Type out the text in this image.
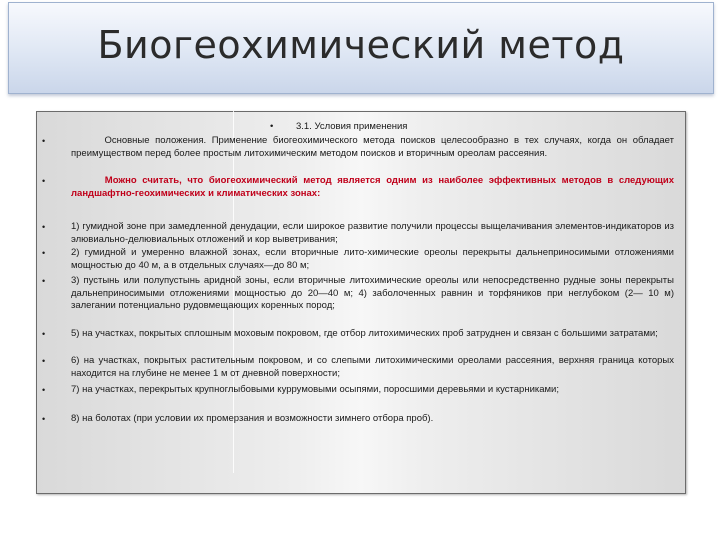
Биогеохимический метод
• 3.1. Условия применения
•	Основные положения. Применение биогеохимического метода поисков целесообразно в тех случаях, когда он обладает преимуществом перед более простым литохимическим методом поисков и вторичным ореолам рассеяния.
•	Можно считать, что биогеохимический метод является одним из наиболее эффективных методов в следующих ландшафтно-геохимических и климатических зонах:
•	1) гумидной зоне при замедленной денудации, если широкое развитие получили процессы выщелачивания элементов-индикаторов из элювиально-делювиальных отложений и кор выветривания;
•	2) гумидной и умеренно влажной зонах, если вторичные лито-химические ореолы перекрыты дальнеприносимыми отложениями мощностью до 40 м, а в отдельных случаях—до 80 м;
•	3) пустынь или полупустынь аридной зоны, если вторичные литохимические ореолы или непосредственно рудные зоны перекрыты дальнеприносимыми отложениями мощностью до 20—40 м; 4) заболоченных равнин и торфяников при неглубоком (2— 10 м) залегании потенциально рудовмещающих коренных пород;
•	5) на участках, покрытых сплошным моховым покровом, где отбор литохимических проб затруднен и связан с большими затратами;
•	6) на участках, покрытых растительным покровом, и со слепыми литохимическими ореолами рассеяния, верхняя граница которых находится на глубине не менее 1 м от дневной поверхности;
•	7) на участках, перекрытых крупноглыбовыми куррумовыми осыпями, поросшими деревьями и кустарниками;
•	8) на болотах (при условии их промерзания и возможности зимнего отбора проб).
